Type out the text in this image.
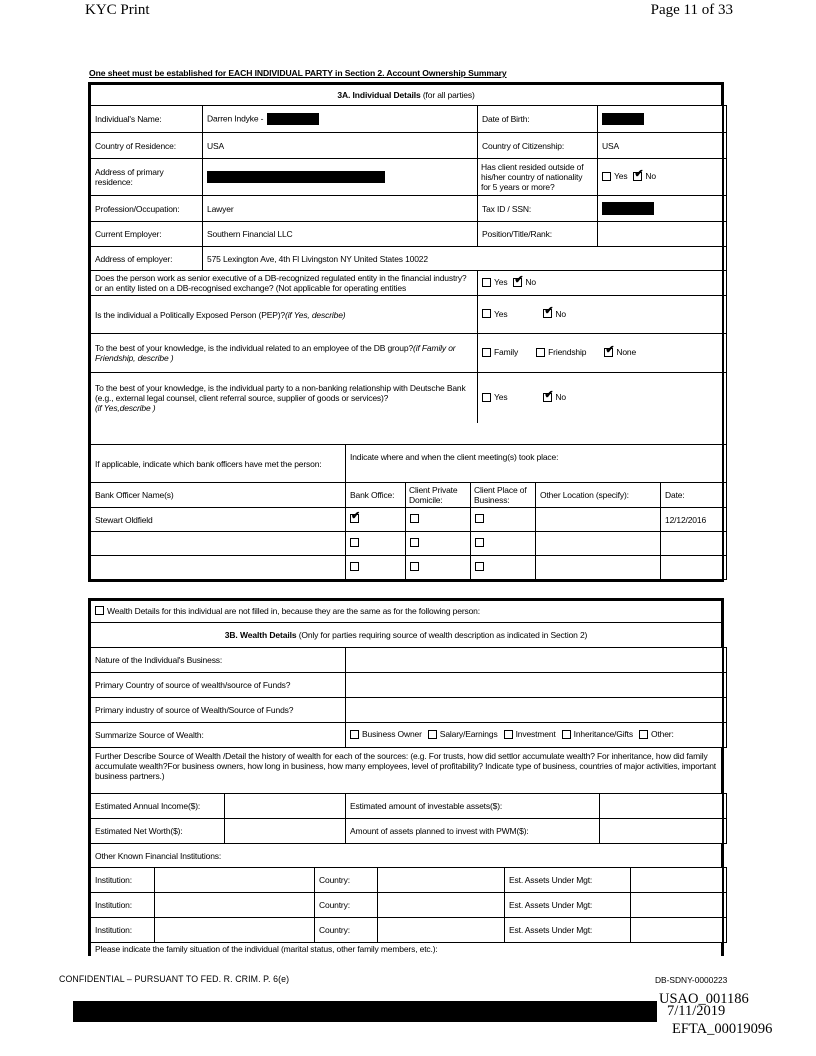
KYC Print	Page 11 of 33
One sheet must be established for EACH INDIVIDUAL PARTY in Section 2. Account Ownership Summary
3A. Individual Details (for all parties)
Individual's Name:	Darren Indyke -	Date of Birth:	
Country of Residence:	USA	Country of Citizenship:	USA
Address of primary residence:		Has client resided outside of his/her country of nationality for 5 years or more?	Yes ✔ No

Profession/Occupation:	Lawyer	Tax ID / SSN:	
Current Employer:	Southern Financial LLC	Position/Title/Rank:	
Address of employer:	575 Lexington Ave, 4th Fl Livingston NY United States 10022		
Does the person work as senior executive of a DB-recognized regulated entity in the financial industry? or an entity listed on a DB-recognised exchange? (Not applicable for operating entities	Yes ✔ No

Is the individual a Politically Exposed Person (PEP)?(if Yes, describe)	Yes ✔ No

To the best of your knowledge, is the individual related to an employee of the DB group?(if Family or Friendship, describe )	Family Friendship ✔ None

To the best of your knowledge, is the individual party to a non-banking relationship with Deutsche Bank (e.g., external legal counsel, client referral source, supplier of goods or services)?
(if Yes,describe )	Yes ✔ No

If applicable, indicate which bank officers have met the person:	Indicate where and when the client meeting(s) took place:
Bank Officer Name(s)	Bank Office:	Client Private Domicile:	Client Place of Business:	Other Location (specify):	Date:
Stewart Oldfield	✔				12/12/2016

Wealth Details for this individual are not filled in, because they are the same as for the following person:
3B. Wealth Details (Only for parties requiring source of wealth description as indicated in Section 2)
Nature of the Individual's Business:	
Primary Country of source of wealth/source of Funds?	
Primary industry of source of Wealth/Source of Funds?	
Summarize Source of Wealth:	Business Owner Salary/Earnings Investment Inheritance/Gifts Other:
Further Describe Source of Wealth /Detail the history of wealth for each of the sources: (e.g. For trusts, how did settlor accumulate wealth? For inheritance, how did family accumulate wealth?For business owners, how long in business, how many employees, level of profitability? Indicate type of business, countries of major activities, important business partners.)
Estimated Annual Income($):		Estimated amount of investable assets($):	
Estimated Net Worth($):		Amount of assets planned to invest with PWM($):	
Other Known Financial Institutions:
Institution:		Country:		Est. Assets Under Mgt:	
Institution:		Country:		Est. Assets Under Mgt:	
Institution:		Country:		Est. Assets Under Mgt:	
Please indicate the family situation of the individual (marital status, other family members, etc.):
CONFIDENTIAL – PURSUANT TO FED. R. CRIM. P. 6(e)	DB-SDNY-0000223
USAO_001186
7/11/2019
EFTA_00019096
